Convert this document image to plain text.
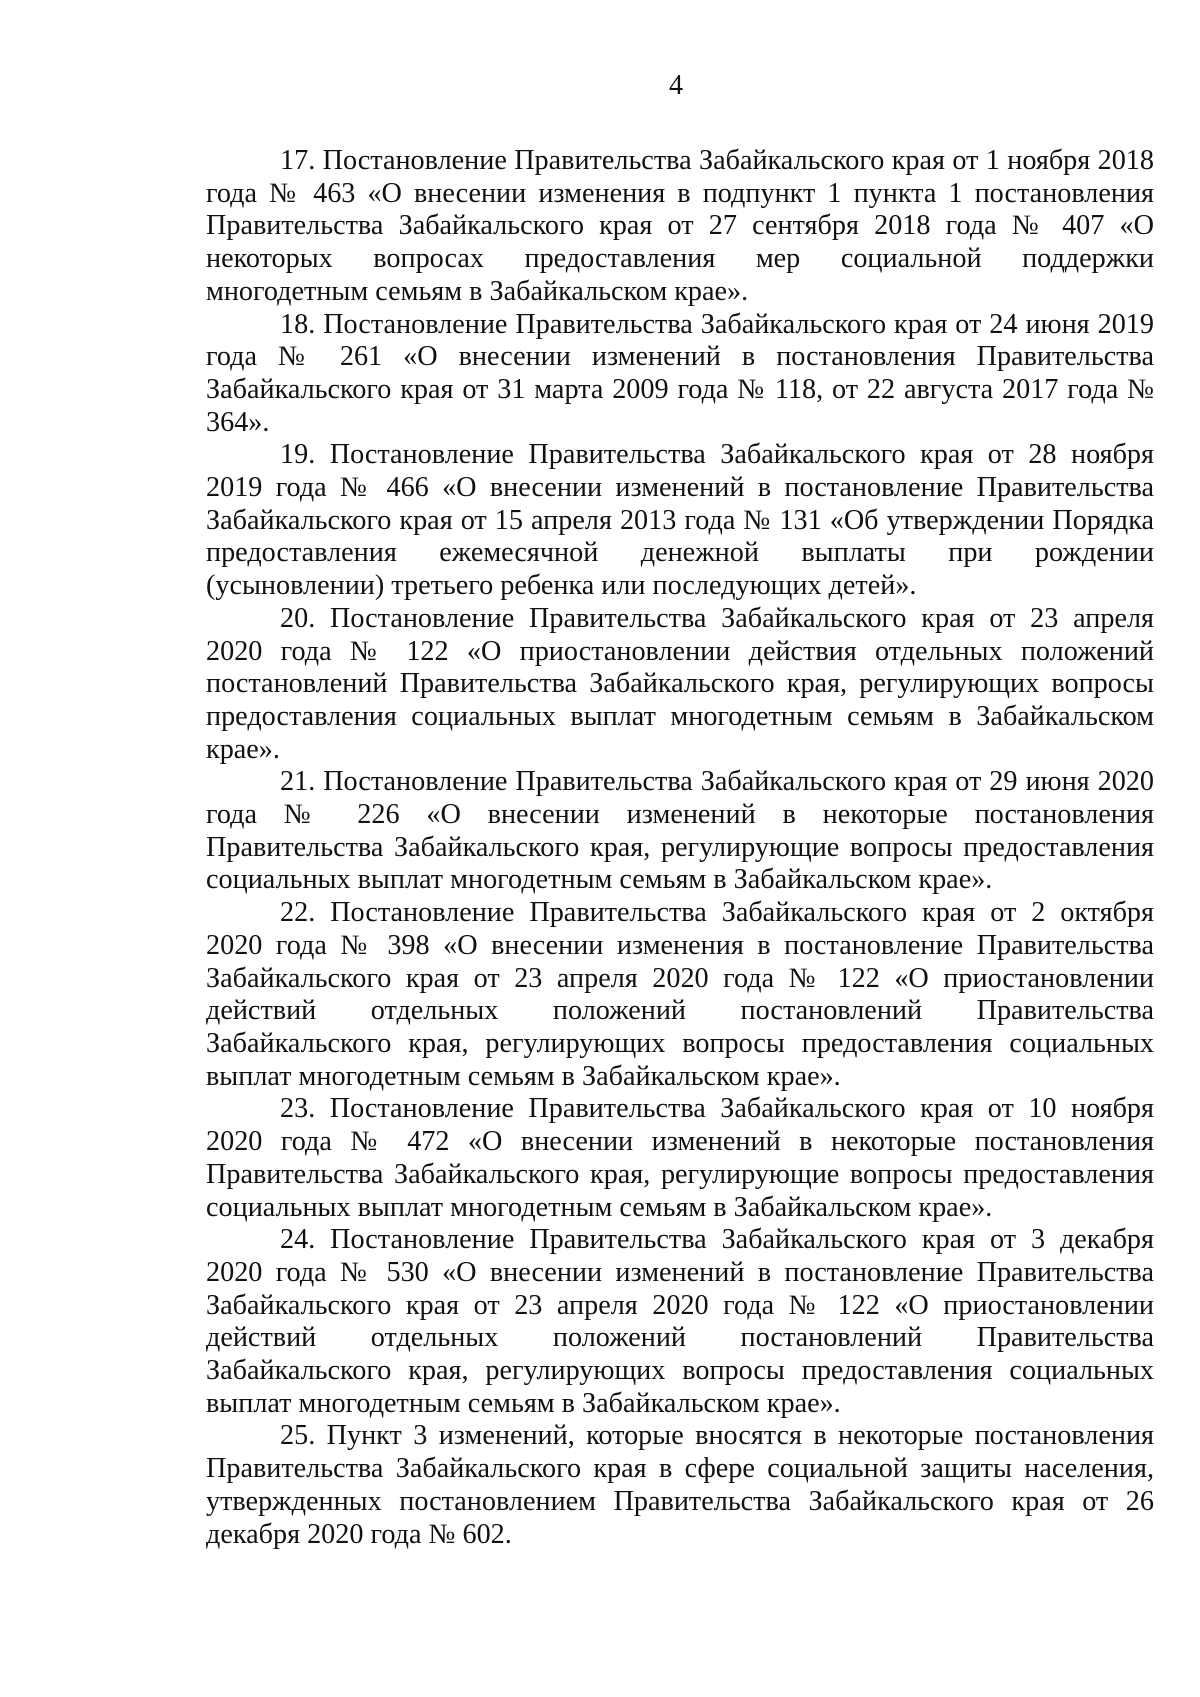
4

17. Постановление Правительства Забайкальского края от 1 ноября 2018 года № 463 «О внесении изменения в подпункт 1 пункта 1 постановления Правительства Забайкальского края от 27 сентября 2018 года № 407 «О некоторых вопросах предоставления мер социальной поддержки многодетным семьям в Забайкальском крае».

18. Постановление Правительства Забайкальского края от 24 июня 2019 года № 261 «О внесении изменений в постановления Правительства Забайкальского края от 31 марта 2009 года № 118, от 22 августа 2017 года № 364».

19. Постановление Правительства Забайкальского края от 28 ноября 2019 года № 466 «О внесении изменений в постановление Правительства Забайкальского края от 15 апреля 2013 года № 131 «Об утверждении Порядка предоставления ежемесячной денежной выплаты при рождении (усыновлении) третьего ребенка или последующих детей».

20. Постановление Правительства Забайкальского края от 23 апреля 2020 года № 122 «О приостановлении действия отдельных положений постановлений Правительства Забайкальского края, регулирующих вопросы предоставления социальных выплат многодетным семьям в Забайкальском крае».

21. Постановление Правительства Забайкальского края от 29 июня 2020 года № 226 «О внесении изменений в некоторые постановления Правительства Забайкальского края, регулирующие вопросы предоставления социальных выплат многодетным семьям в Забайкальском крае».

22. Постановление Правительства Забайкальского края от 2 октября 2020 года № 398 «О внесении изменения в постановление Правительства Забайкальского края от 23 апреля 2020 года № 122 «О приостановлении действий отдельных положений постановлений Правительства Забайкальского края, регулирующих вопросы предоставления социальных выплат многодетным семьям в Забайкальском крае».

23. Постановление Правительства Забайкальского края от 10 ноября 2020 года № 472 «О внесении изменений в некоторые постановления Правительства Забайкальского края, регулирующие вопросы предоставления социальных выплат многодетным семьям в Забайкальском крае».

24. Постановление Правительства Забайкальского края от 3 декабря 2020 года № 530 «О внесении изменений в постановление Правительства Забайкальского края от 23 апреля 2020 года № 122 «О приостановлении действий отдельных положений постановлений Правительства Забайкальского края, регулирующих вопросы предоставления социальных выплат многодетным семьям в Забайкальском крае».

25. Пункт 3 изменений, которые вносятся в некоторые постановления Правительства Забайкальского края в сфере социальной защиты населения, утвержденных постановлением Правительства Забайкальского края от 26 декабря 2020 года № 602.
